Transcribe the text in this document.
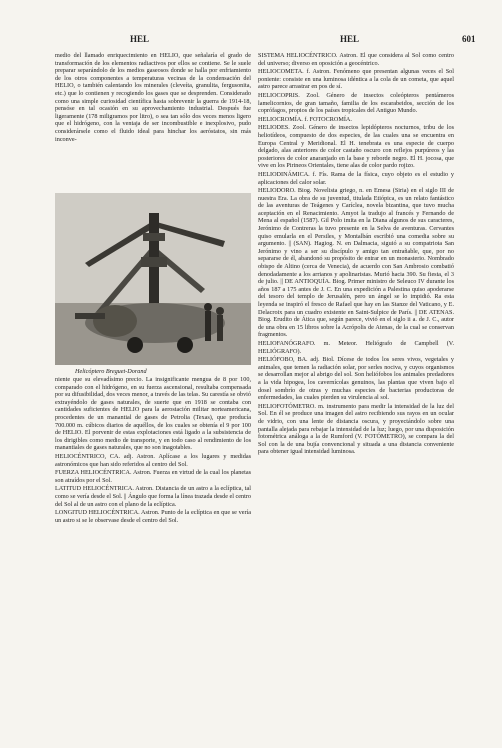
HEL	HEL	601

medio del llamado enriquecimiento en HELIO, que señalaría el grado de transformación de los elementos radiactivos por ellos se contiene. Se le suele preparar separándolo de los medios gaseosos donde se halla por enfriamiento de los otros componentes a temperaturas vecinas de la condensación del HELIO, o también calentando los minerales (cleveíta, granulita, fergusonita, etc.) que lo contienen y recogiendo los gases que se desprenden. Considerado como una simple curiosidad científica hasta sobrevenir la guerra de 1914-18, pensóse en tal ocasión en su aprovechamiento industrial. Después fue ligeramente (178 miligramos por litro), o sea tan sólo dos veces menos ligero que el hidrógeno, con la ventaja de ser incombustible e inexplosivo, pudo considerársele como el fluido ideal para hinchar los aeróstatos, sin más inconve-

Helicóptero Breguet-Dorand

niente que su elevadísimo precio. La insignificante mengua de 8 por 100, comparado con el hidrógeno, en su fuerza ascensional, resultaba compensada por su difusibilidad, dos veces menor, a través de las telas. Su carestía se obvió extrayéndolo de gases naturales, de suerte que en 1918 se contaba con cantidades suficientes de HELIO para la aerostación militar norteamericana, procedentes de un manantial de gases de Petrolia (Texas), que producía 700.000 m. cúbicos diarios de aquéllos, de los cuales se obtenía el 9 por 100 de HELIO. El porvenir de estas explotaciones está ligado a la subsistencia de los dirigibles como medio de transporte, y en todo caso al rendimiento de los manantiales de gases naturales, que no son inagotables.

HELIOCÉNTRICO, CA. adj. Astron. Aplícase a los lugares y medidas astronómicos que han sido referidos al centro del Sol.

FUERZA HELIOCÉNTRICA. Astron. Fuerza en virtud de la cual los planetas son atraídos por el Sol.

LATITUD HELIOCÉNTRICA. Astron. Distancia de un astro a la eclíptica, tal como se vería desde el Sol. || Ángulo que forma la línea trazada desde el centro del Sol al de un astro con el plano de la eclíptica.

LONGITUD HELIOCÉNTRICA. Astron. Punto de la eclíptica en que se vería un astro si se le observase desde el centro del Sol.

SISTEMA HELIOCÉNTRICO. Astron. El que considera al Sol como centro del universo; diverso en oposición a geocéntrico.

HELIOCOMETA. f. Astron. Fenómeno que presentan algunas veces el Sol poniente: consiste en una luminosa idéntica a la cola de un cometa, que aquel astro parece arrastrar en pos de sí.

HELIOCOPRIS. Zool. Género de insectos coleópteros pentámeros lamelicornios, de gran tamaño, familia de los escarabeidos, sección de los coprófagos, propios de los países tropicales del Antiguo Mundo.

HELIOCROMÍA. f. FOTOCROMÍA.

HELIODES. Zool. Género de insectos lepidópteros nocturnos, tribu de los heliotídeos, compuesto de dos especies, de las cuales una se encuentra en Europa Central y Meridional. El H. tenebrata es una especie de cuerpo delgado, alas anteriores de color castaño oscuro con reflejos purpúreos y las posteriores de color anaranjado en la base y reborde negro. El H. jocosa, que vive en los Pirineos Orientales, tiene alas de color pardo rojizo.

HELIODINÁMICA. f. Fís. Rama de la física, cuyo objeto es el estudio y aplicaciones del calor solar.

HELIODORO. Biog. Novelista griego, n. en Emesa (Siria) en el siglo III de nuestra Era. La obra de su juventud, titulada Etiópica, es un relato fantástico de las aventuras de Teágenes y Caríclea, novela bizantina, que tuvo mucha aceptación en el Renacimiento. Amyot la tradujo al francés y Fernando de Mena al español (1587). Gil Polo imita en la Diana algunos de sus caracteres, Jerónimo de Contreras la tuvo presente en la Selva de aventuras. Cervantes quiso emularla en el Persiles, y Montalbán escribió una comedia sobre su argumento. || (SAN). Hagiog. N. en Dalmacia, siguió a su compatriota San Jerónimo y vino a ser su discípulo y amigo tan entrañable, que, por no separarse de él, abandonó su propósito de entrar en un monasterio. Nombrado obispo de Altino (cerca de Venecia), de acuerdo con San Ambrosio combatió denodadamente a los arrianos y apolinaristas. Murió hacia 390. Su fiesta, el 3 de julio. || DE ANTIOQUÍA. Biog. Primer ministro de Seleuco IV durante los años 187 a 175 antes de J. C. En una expedición a Palestina quiso apoderarse del tesoro del templo de Jerusalén, pero un ángel se lo impidió. Ra esta leyenda se inspiró el fresco de Rafael que hay en las Stanze del Vaticano, y E. Delacroix para un cuadro existente en Saint-Sulpice de París. || DE ATENAS. Biog. Erudito de Ática que, según parece, vivió en el siglo ii a. de J. C., autor de una obra en 15 libros sobre la Acrópolis de Atenas, de la cual se conservan fragmentos.

HELIOFANÓGRAFO. m. Meteor. Heliógrafo de Campbell (V. HELIÓGRAFO).

HELIÓFOBO, BA. adj. Biol. Dícese de todos los seres vivos, vegetales y animales, que temen la radiación solar, por serles nociva, y cuyos organismos se desarrollan mejor al abrigo del sol. Son heliófobos los animales predadores a la vida hipogea, los cavernícolas genuinos, las plantas que viven bajo el dosel sombrío de otras y muchas especies de bacterias productoras de enfermedades, las cuales pierden su virulencia al sol.

HELIOFOTÓMETRO. m. instrumento para medir la intensidad de la luz del Sol. En él se produce una imagen del astro recibiendo sus rayos en un ocular de vidrio, con una lente de distancia oscura, y proyectándolo sobre una pantalla alejada para rebajar la intensidad de la luz; luego, por una disposición fotométrica análoga a la de Rumford (V. FOTÓMETRO), se compara la del Sol con la de una bujía convencional y situada a una distancia conveniente para obtener igual intensidad luminosa.
